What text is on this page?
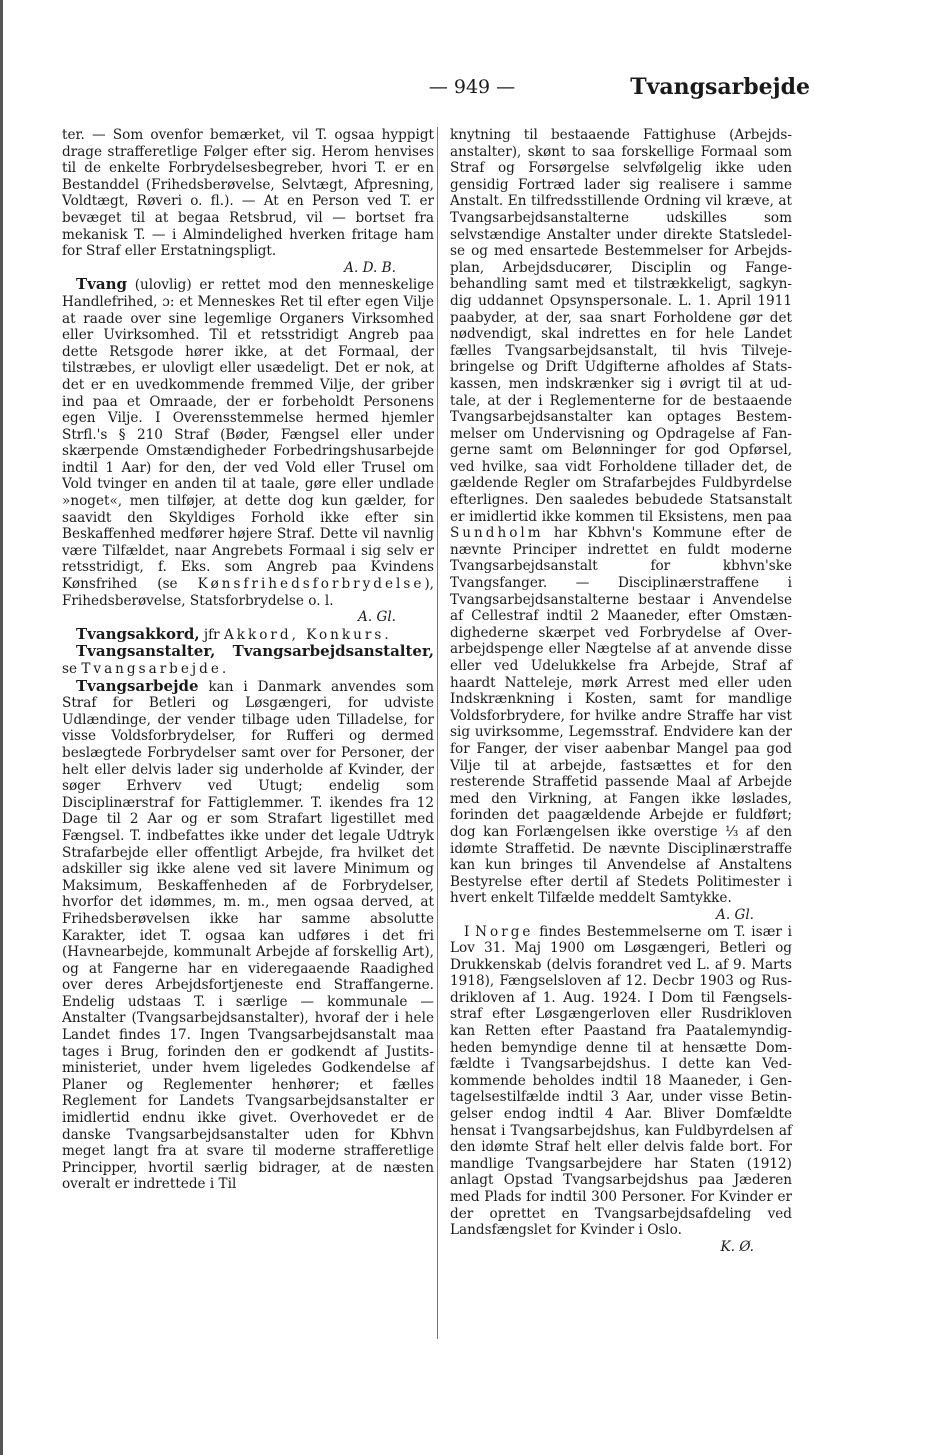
— 949 —	Tvangsarbejde

ter. — Som ovenfor bemærket, vil T. ogsaa hyppigt drage strafferetlige Følger efter sig. Herom henvises til de enkelte Forbrydelsesbegreber, hvori T. er en Bestanddel (Frihedsberøvelse, Selvtægt, Afpresning, Voldtægt, Røveri o. fl.). — At en Person ved T. er bevæget til at begaa Retsbrud, vil — bortset fra mekanisk T. — i Almindelighed hverken fritage ham for Straf eller Erstatningspligt.
A. D. B.

Tvang (ulovlig) er rettet mod den menneskelige Handlefrihed, ɔ: et Menneskes Ret til efter egen Vilje at raade over sine legemlige Organers Virksomhed eller Uvirksomhed. Til et retsstridigt Angreb paa dette Retsgode hører ikke, at det Formaal, der tilstræbes, er ulovligt eller usædeligt. Det er nok, at det er en uvedkommende fremmed Vilje, der griber ind paa et Omraade, der er forbeholdt Personens egen Vilje. I Overensstemmelse hermed hjemler Strfl.'s § 210 Straf (Bøder, Fængsel eller under skærpende Omstændigheder Forbedringshusarbejde indtil 1 Aar) for den, der ved Vold eller Trusel om Vold tvinger en anden til at taale, gøre eller undlade »noget«, men tilføjer, at dette dog kun gælder, for saavidt den Skyldiges Forhold ikke efter sin Beskaffenhed medfører højere Straf. Dette vil navnlig være Tilfældet, naar Angrebets Formaal i sig selv er retsstridigt, f. Eks. som Angreb paa Kvindens Kønsfrihed (se Kønsfrihedsforbrydelse), Frihedsberøvelse, Statsforbrydelse o. l.
A. Gl.

Tvangsakkord, jfr Akkord, Konkurs.

Tvangsanstalter, Tvangsarbejdsanstalter, se Tvangsarbejde.

Tvangsarbejde kan i Danmark anvendes som Straf for Betleri og Løsgængeri, for udviste Udlændinge, der vender tilbage uden Tilladelse, for visse Voldsforbrydelser, for Rufferi og dermed beslægtede Forbrydelser samt over for Personer, der helt eller delvis lader sig underholde af Kvinder, der søger Erhverv ved Utugt; endelig som Disciplinærstraf for Fattiglemmer. T. ikendes fra 12 Dage til 2 Aar og er som Strafart ligestillet med Fængsel. T. indbefattes ikke under det legale Udtryk Strafarbejde eller offentligt Arbejde, fra hvilket det adskiller sig ikke alene ved sit lavere Minimum og Maksimum, Beskaffenheden af de Forbrydelser, hvorfor det idømmes, m. m., men ogsaa derved, at Frihedsberøvelsen ikke har samme absolutte Karakter, idet T. ogsaa kan udføres i det fri (Havnearbejde, kommunalt Arbejde af forskellig Art), og at Fangerne har en videregaaende Raadighed over deres Arbejdsfortjeneste end Straffangerne. Endelig udstaas T. i særlige — kommunale — Anstalter (Tvangsarbejdsanstalter), hvoraf der i hele Landet findes 17. Ingen Tvangsarbejdsanstalt maa tages i Brug, forinden den er godkendt af Justitsministeriet, under hvem ligeledes Godkendelse af Planer og Reglementer henhører; et fælles Reglement for Landets Tvangsarbejdsanstalter er imidlertid endnu ikke givet. Overhovedet er de danske Tvangsarbejdsanstalter uden for Kbhvn meget langt fra at svare til moderne strafferetlige Principper, hvortil særlig bidrager, at de næsten overalt er indrettede i Til

knytning til bestaaende Fattighuse (Arbejdsanstalter), skønt to saa forskellige Formaal som Straf og Forsørgelse selvfølgelig ikke uden gensidig Fortræd lader sig realisere i samme Anstalt. En tilfredsstillende Ordning vil kræve, at Tvangsarbejdsanstalterne udskilles som selvstændige Anstalter under direkte Statsledelse og med ensartede Bestemmelser for Arbejdsplan, Arbejdsducører, Disciplin og Fangebehandling samt med et tilstrækkeligt, sagkyndig uddannet Opsynspersonale. L. 1. April 1911 paabyder, at der, saa snart Forholdene gør det nødvendigt, skal indrettes en for hele Landet fælles Tvangsarbejdsanstalt, til hvis Tilvejebringelse og Drift Udgifterne afholdes af Statskassen, men indskrænker sig i øvrigt til at udtale, at der i Reglementerne for de bestaaende Tvangsarbejdsanstalter kan optages Bestemmelser om Undervisning og Opdragelse af Fangerne samt om Belønninger for god Opførsel, ved hvilke, saa vidt Forholdene tillader det, de gældende Regler om Strafarbejdes Fuldbyrdelse efterlignes. Den saaledes bebudede Statsanstalt er imidlertid ikke kommen til Eksistens, men paa Sundholm har Kbhvn's Kommune efter de nævnte Principer indrettet en fuldt moderne Tvangsarbejdsanstalt for kbhvn'ske Tvangsfanger. — Disciplinærstraffene i Tvangsarbejdsanstalterne bestaar i Anvendelse af Cellestraf indtil 2 Maaneder, efter Omstændighederne skærpet ved Forbrydelse af Overarbejdspenge eller Nægtelse af at anvende disse eller ved Udelukkelse fra Arbejde, Straf af haardt Natteleje, mørk Arrest med eller uden Indskrænkning i Kosten, samt for mandlige Voldsforbrydere, for hvilke andre Straffe har vist sig uvirksomme, Legemsstraf. Endvidere kan der for Fanger, der viser aabenbar Mangel paa god Vilje til at arbejde, fastsættes et for den resterende Straffetid passende Maal af Arbejde med den Virkning, at Fangen ikke løslades, forinden det paagældende Arbejde er fuldført; dog kan Forlængelsen ikke overstige ⅓ af den idømte Straffetid. De nævnte Disciplinærstraffe kan kun bringes til Anvendelse af Anstaltens Bestyrelse efter dertil af Stedets Politimester i hvert enkelt Tilfælde meddelt Samtykke.
A. Gl.

I Norge findes Bestemmelserne om T. især i Lov 31. Maj 1900 om Løsgængeri, Betleri og Drukkenskab (delvis forandret ved L. af 9. Marts 1918), Fængselsloven af 12. Decbr 1903 og Rusdrikloven af 1. Aug. 1924. I Dom til Fængselsstraf efter Løsgængerloven eller Rusdrikloven kan Retten efter Paastand fra Paatalemyndigheden bemyndige denne til at hensætte Domfældte i Tvangsarbejdshus. I dette kan Vedkommende beholdes indtil 18 Maaneder, i Gentagelsestilfælde indtil 3 Aar, under visse Betingelser endog indtil 4 Aar. Bliver Domfældte hensat i Tvangsarbejdshus, kan Fuldbyrdelsen af den idømte Straf helt eller delvis falde bort. For mandlige Tvangsarbejdere har Staten (1912) anlagt Opstad Tvangsarbejdshus paa Jæderen med Plads for indtil 300 Personer. For Kvinder er der oprettet en Tvangsarbejdsafdeling ved Landsfængslet for Kvinder i Oslo.
K. Ø.
